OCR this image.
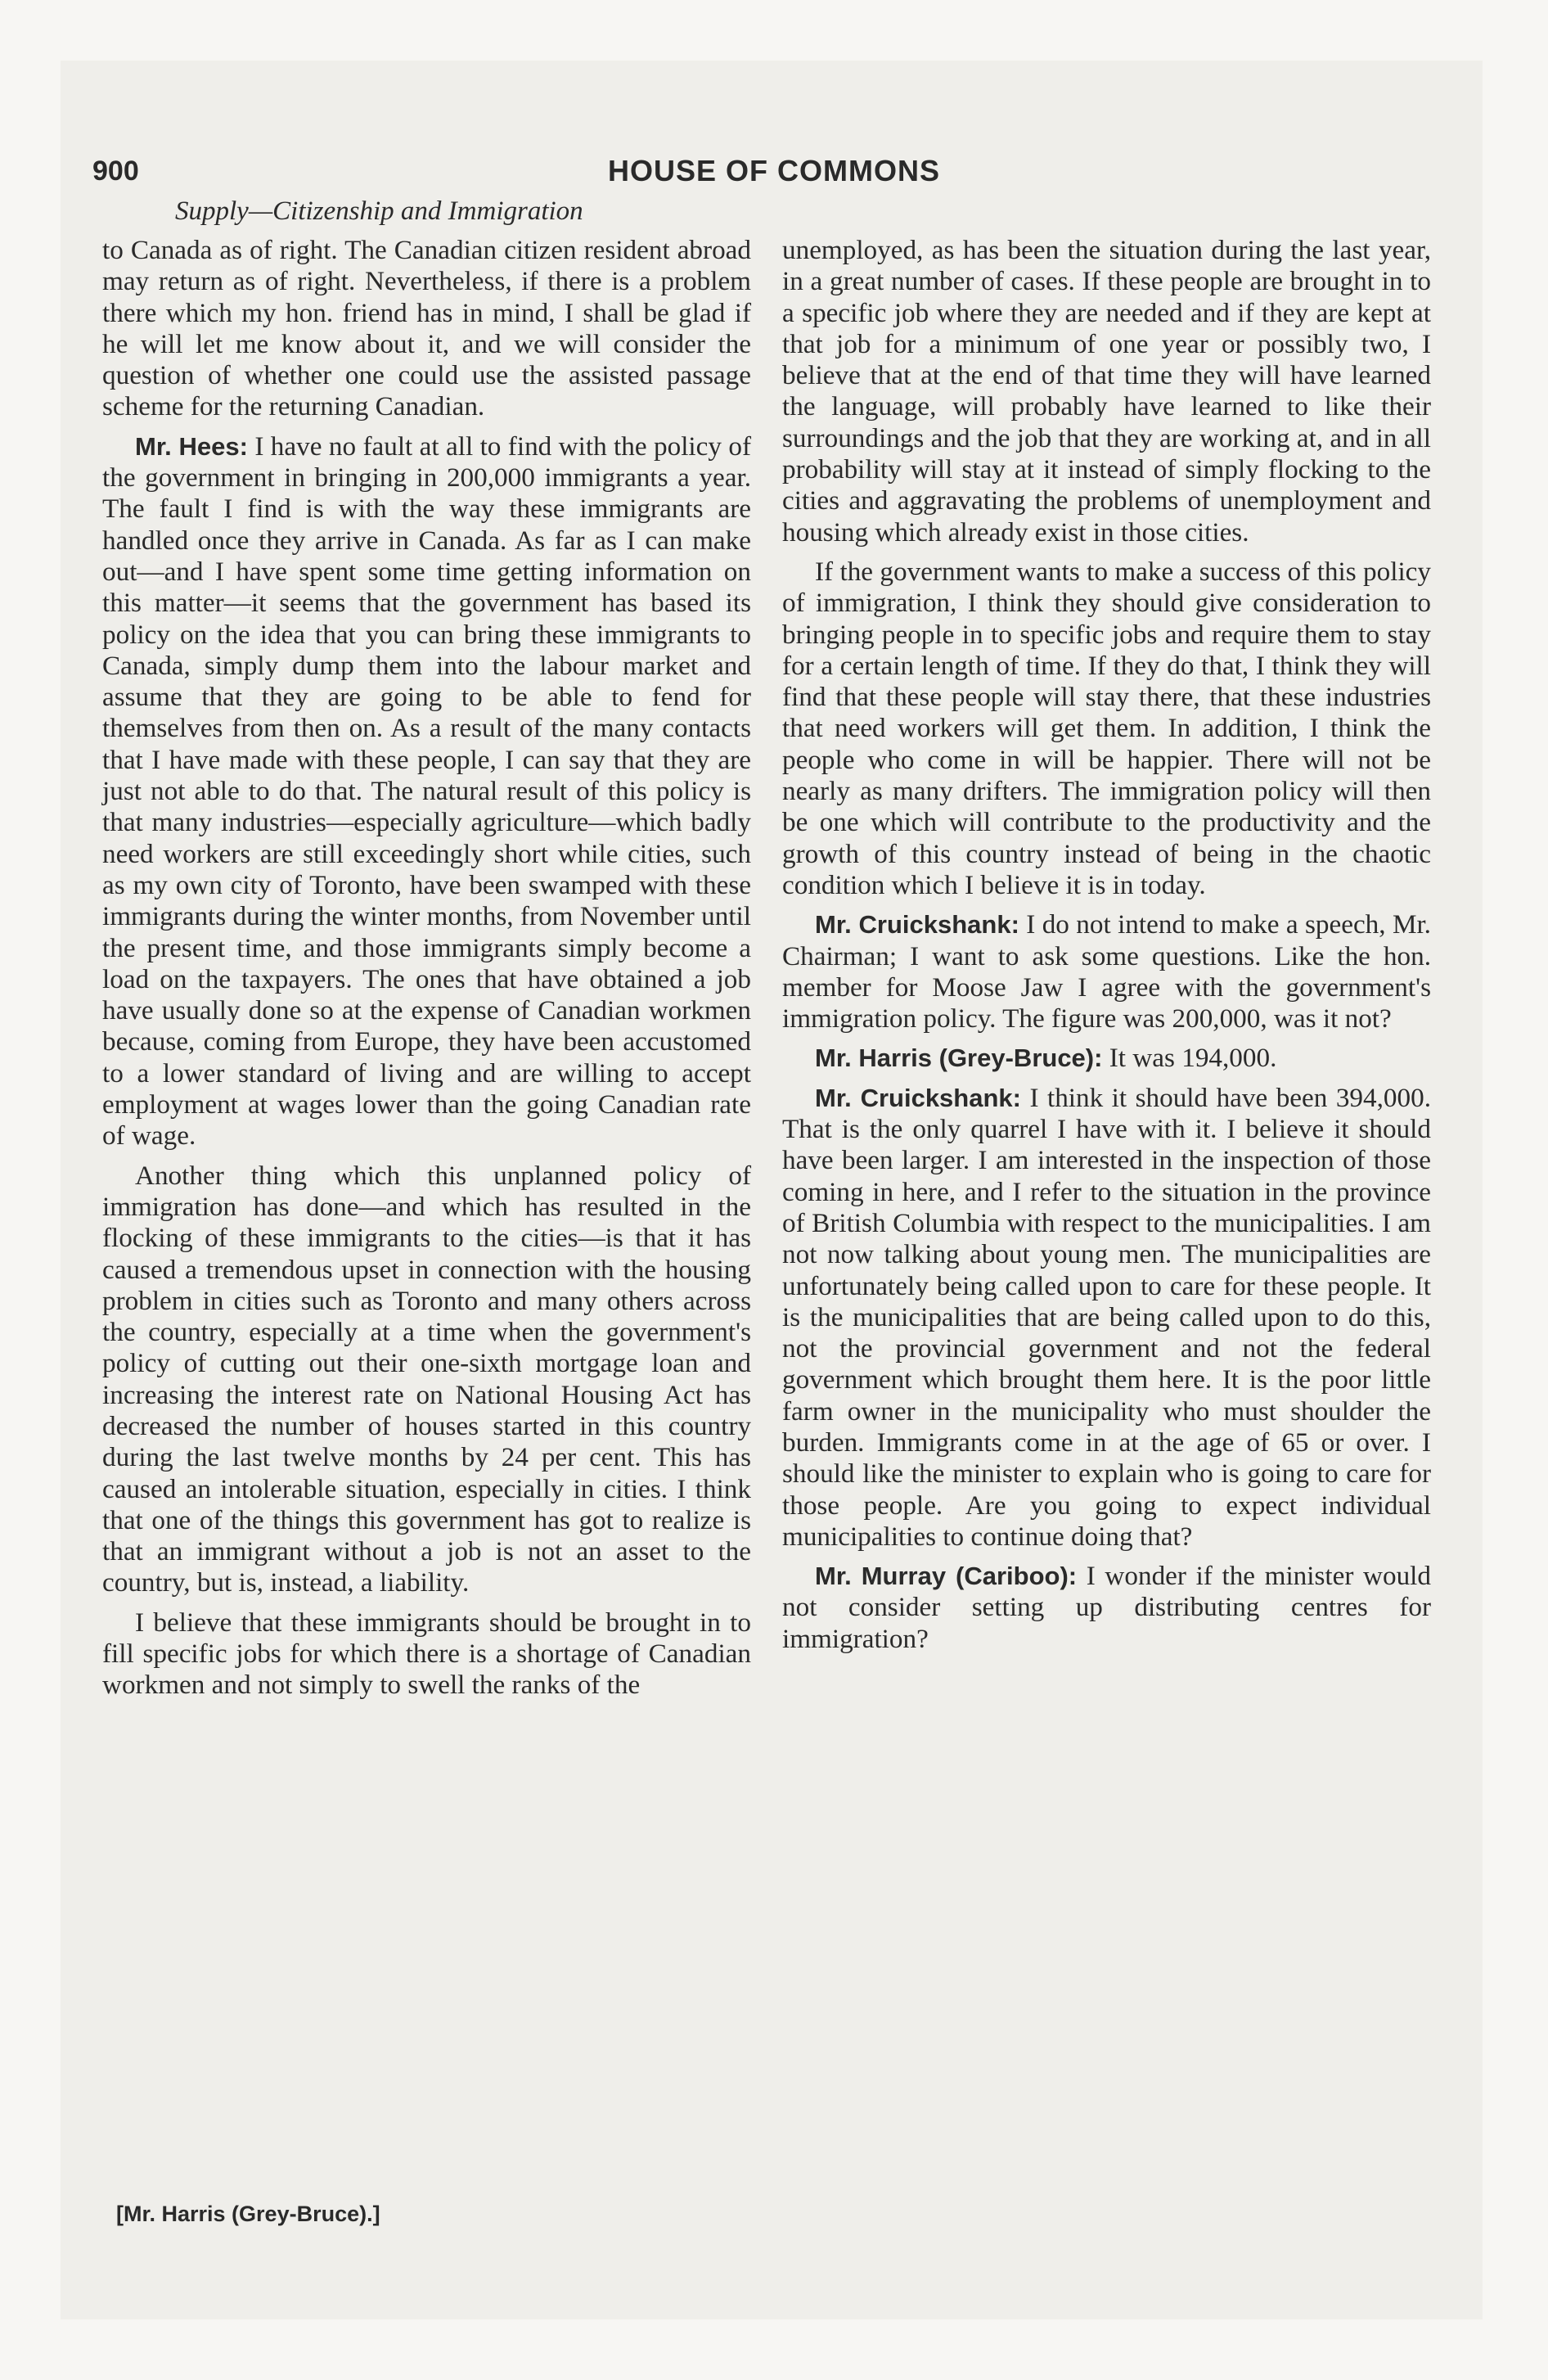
900	HOUSE OF COMMONS
Supply—Citizenship and Immigration

to Canada as of right. The Canadian citizen resident abroad may return as of right. Nevertheless, if there is a problem there which my hon. friend has in mind, I shall be glad if he will let me know about it, and we will consider the question of whether one could use the assisted passage scheme for the returning Canadian.

Mr. Hees: I have no fault at all to find with the policy of the government in bringing in 200,000 immigrants a year. The fault I find is with the way these immigrants are handled once they arrive in Canada. As far as I can make out—and I have spent some time getting information on this matter—it seems that the government has based its policy on the idea that you can bring these immigrants to Canada, simply dump them into the labour market and assume that they are going to be able to fend for themselves from then on. As a result of the many contacts that I have made with these people, I can say that they are just not able to do that. The natural result of this policy is that many industries—especially agriculture—which badly need workers are still exceedingly short while cities, such as my own city of Toronto, have been swamped with these immigrants during the winter months, from November until the present time, and those immigrants simply become a load on the taxpayers. The ones that have obtained a job have usually done so at the expense of Canadian workmen because, coming from Europe, they have been accustomed to a lower standard of living and are willing to accept employment at wages lower than the going Canadian rate of wage.

Another thing which this unplanned policy of immigration has done—and which has resulted in the flocking of these immigrants to the cities—is that it has caused a tremendous upset in connection with the housing problem in cities such as Toronto and many others across the country, especially at a time when the government's policy of cutting out their one-sixth mortgage loan and increasing the interest rate on National Housing Act has decreased the number of houses started in this country during the last twelve months by 24 per cent. This has caused an intolerable situation, especially in cities. I think that one of the things this government has got to realize is that an immigrant without a job is not an asset to the country, but is, instead, a liability.

I believe that these immigrants should be brought in to fill specific jobs for which there is a shortage of Canadian workmen and not simply to swell the ranks of the

unemployed, as has been the situation during the last year, in a great number of cases. If these people are brought in to a specific job where they are needed and if they are kept at that job for a minimum of one year or possibly two, I believe that at the end of that time they will have learned the language, will probably have learned to like their surroundings and the job that they are working at, and in all probability will stay at it instead of simply flocking to the cities and aggravating the problems of unemployment and housing which already exist in those cities.

If the government wants to make a success of this policy of immigration, I think they should give consideration to bringing people in to specific jobs and require them to stay for a certain length of time. If they do that, I think they will find that these people will stay there, that these industries that need workers will get them. In addition, I think the people who come in will be happier. There will not be nearly as many drifters. The immigration policy will then be one which will contribute to the productivity and the growth of this country instead of being in the chaotic condition which I believe it is in today.

Mr. Cruickshank: I do not intend to make a speech, Mr. Chairman; I want to ask some questions. Like the hon. member for Moose Jaw I agree with the government's immigration policy. The figure was 200,000, was it not?

Mr. Harris (Grey-Bruce): It was 194,000.

Mr. Cruickshank: I think it should have been 394,000. That is the only quarrel I have with it. I believe it should have been larger. I am interested in the inspection of those coming in here, and I refer to the situation in the province of British Columbia with respect to the municipalities. I am not now talking about young men. The municipalities are unfortunately being called upon to care for these people. It is the municipalities that are being called upon to do this, not the provincial government and not the federal government which brought them here. It is the poor little farm owner in the municipality who must shoulder the burden. Immigrants come in at the age of 65 or over. I should like the minister to explain who is going to care for those people. Are you going to expect individual municipalities to continue doing that?

Mr. Murray (Cariboo): I wonder if the minister would not consider setting up distributing centres for immigration?

[Mr. Harris (Grey-Bruce).]
